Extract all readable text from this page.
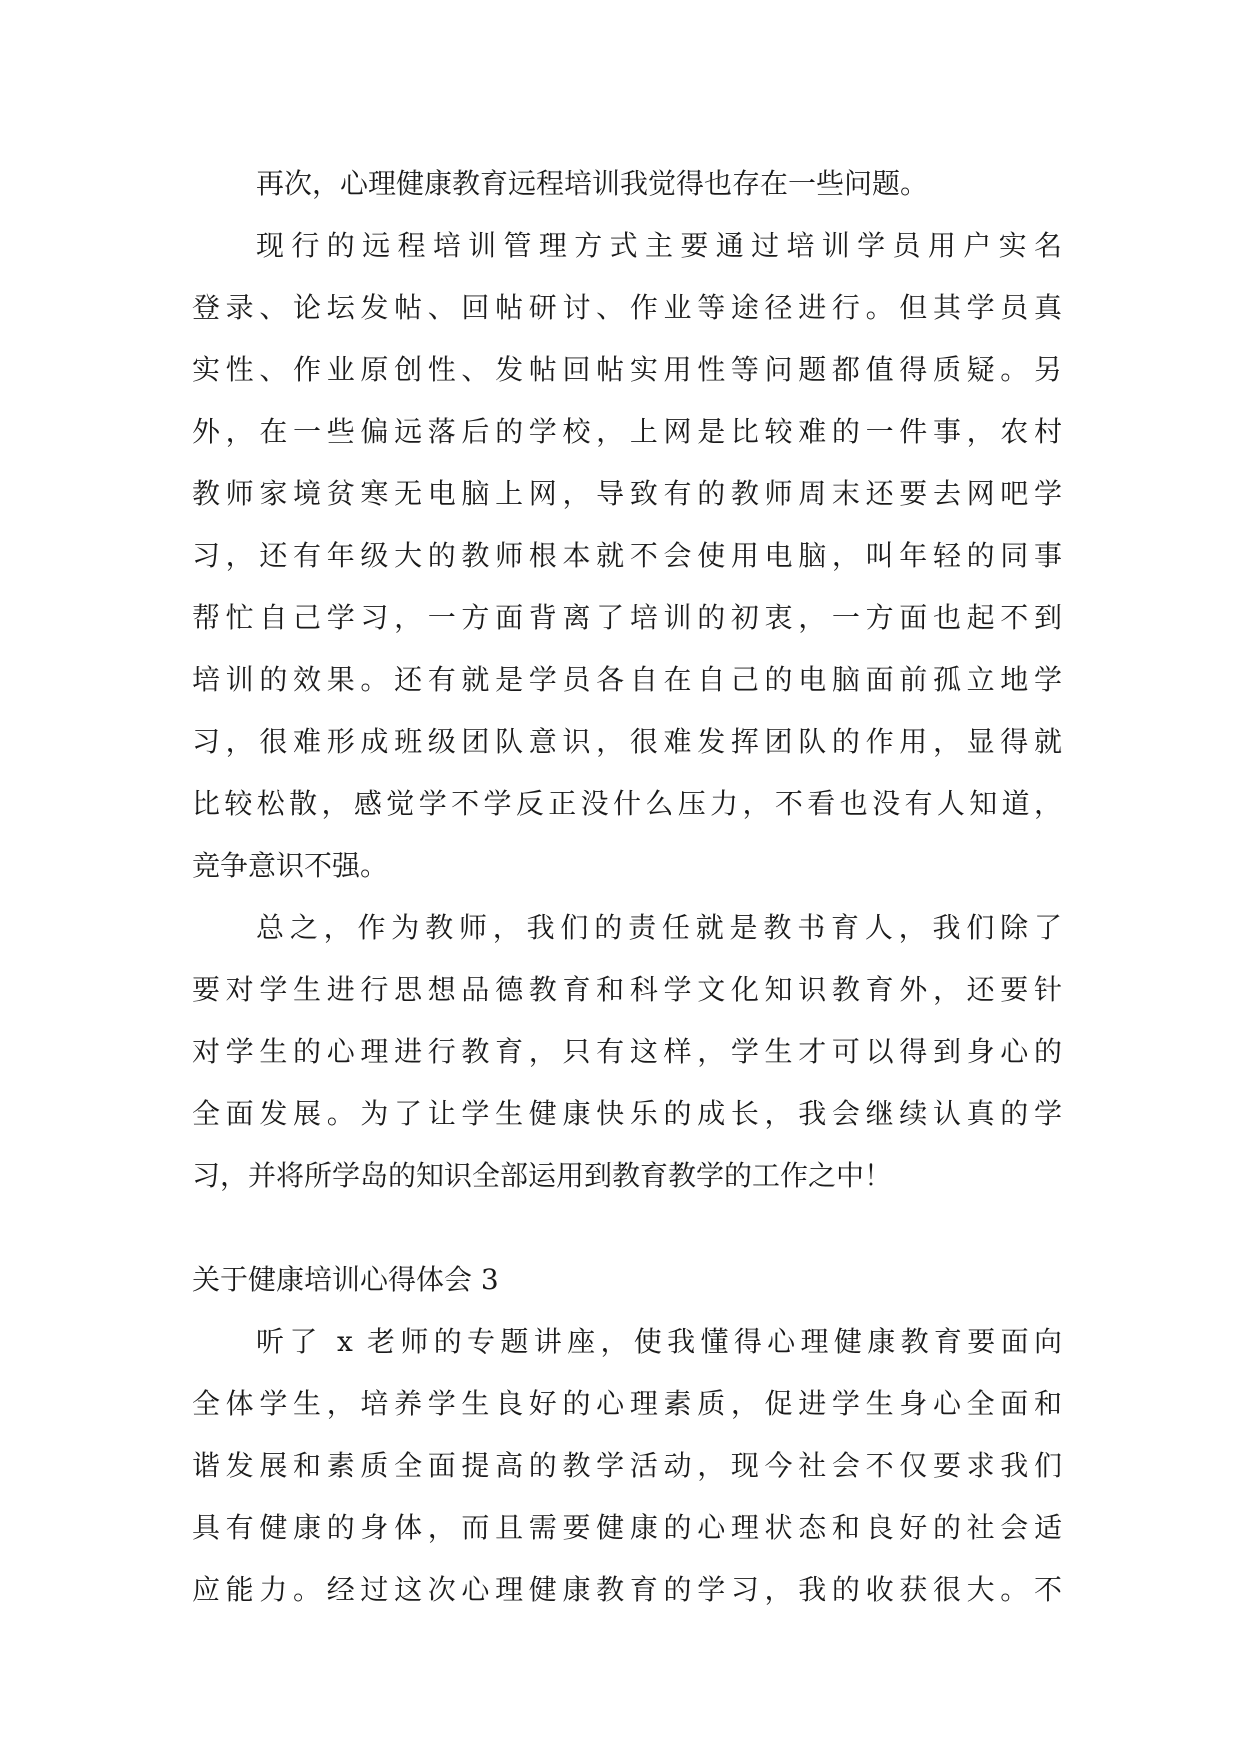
再次，心理健康教育远程培训我觉得也存在一些问题。

现行的远程培训管理方式主要通过培训学员用户实名

登录、论坛发帖、回帖研讨、作业等途径进行。但其学员真

实性、作业原创性、发帖回帖实用性等问题都值得质疑。另

外，在一些偏远落后的学校，上网是比较难的一件事，农村

教师家境贫寒无电脑上网，导致有的教师周末还要去网吧学

习，还有年级大的教师根本就不会使用电脑，叫年轻的同事

帮忙自己学习，一方面背离了培训的初衷，一方面也起不到

培训的效果。还有就是学员各自在自己的电脑面前孤立地学

习，很难形成班级团队意识，很难发挥团队的作用，显得就

比较松散，感觉学不学反正没什么压力，不看也没有人知道，

竞争意识不强。

总之，作为教师，我们的责任就是教书育人，我们除了

要对学生进行思想品德教育和科学文化知识教育外，还要针

对学生的心理进行教育，只有这样，学生才可以得到身心的

全面发展。为了让学生健康快乐的成长，我会继续认真的学

习，并将所学岛的知识全部运用到教育教学的工作之中！

关于健康培训心得体会 3

听了 x 老师的专题讲座，使我懂得心理健康教育要面向

全体学生，培养学生良好的心理素质，促进学生身心全面和

谐发展和素质全面提高的教学活动，现今社会不仅要求我们

具有健康的身体，而且需要健康的心理状态和良好的社会适

应能力。经过这次心理健康教育的学习，我的收获很大。不
